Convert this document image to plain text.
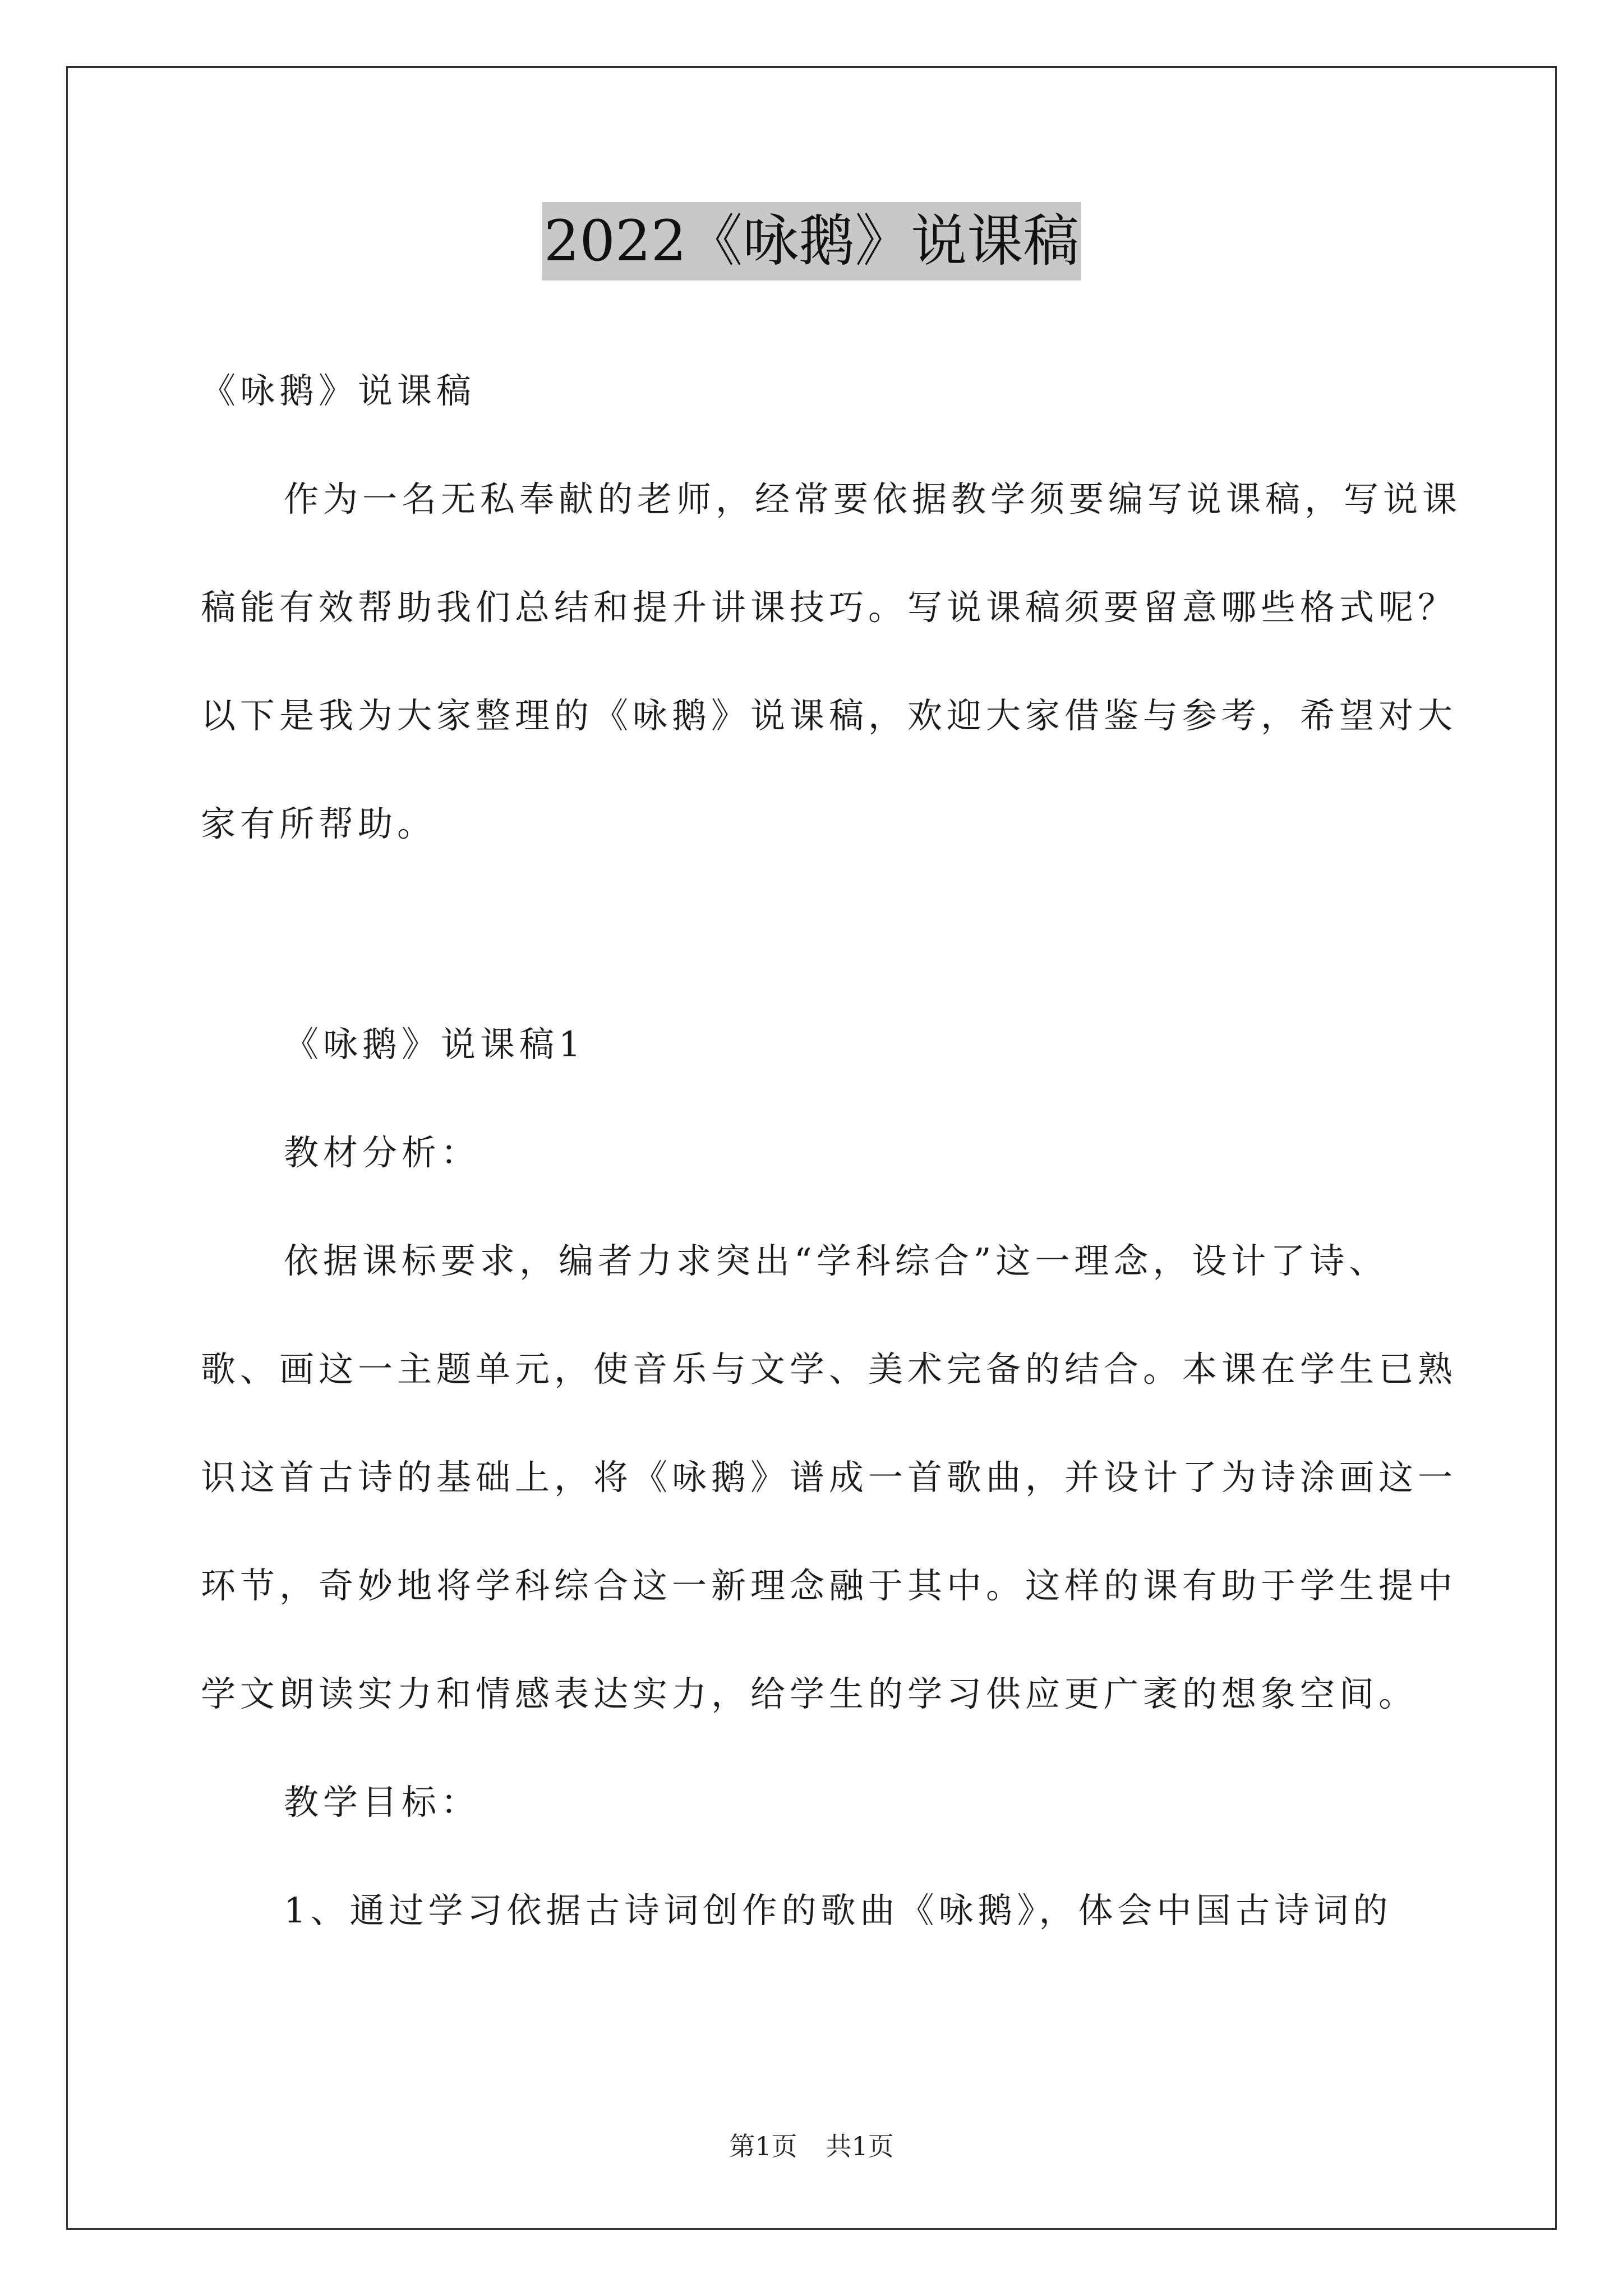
2022《咏鹅》说课稿

《咏鹅》说课稿

作为一名无私奉献的老师，经常要依据教学须要编写说课稿，写说课稿能有效帮助我们总结和提升讲课技巧。写说课稿须要留意哪些格式呢？以下是我为大家整理的《咏鹅》说课稿，欢迎大家借鉴与参考，希望对大家有所帮助。

《咏鹅》说课稿1

教材分析：

依据课标要求，编者力求突出“学科综合”这一理念，设计了诗、歌、画这一主题单元，使音乐与文学、美术完备的结合。本课在学生已熟识这首古诗的基础上，将《咏鹅》谱成一首歌曲，并设计了为诗涂画这一环节，奇妙地将学科综合这一新理念融于其中。这样的课有助于学生提中学文朗读实力和情感表达实力，给学生的学习供应更广袤的想象空间。

教学目标：

1、通过学习依据古诗词创作的歌曲《咏鹅》，体会中国古诗词的

第1页 共1页
